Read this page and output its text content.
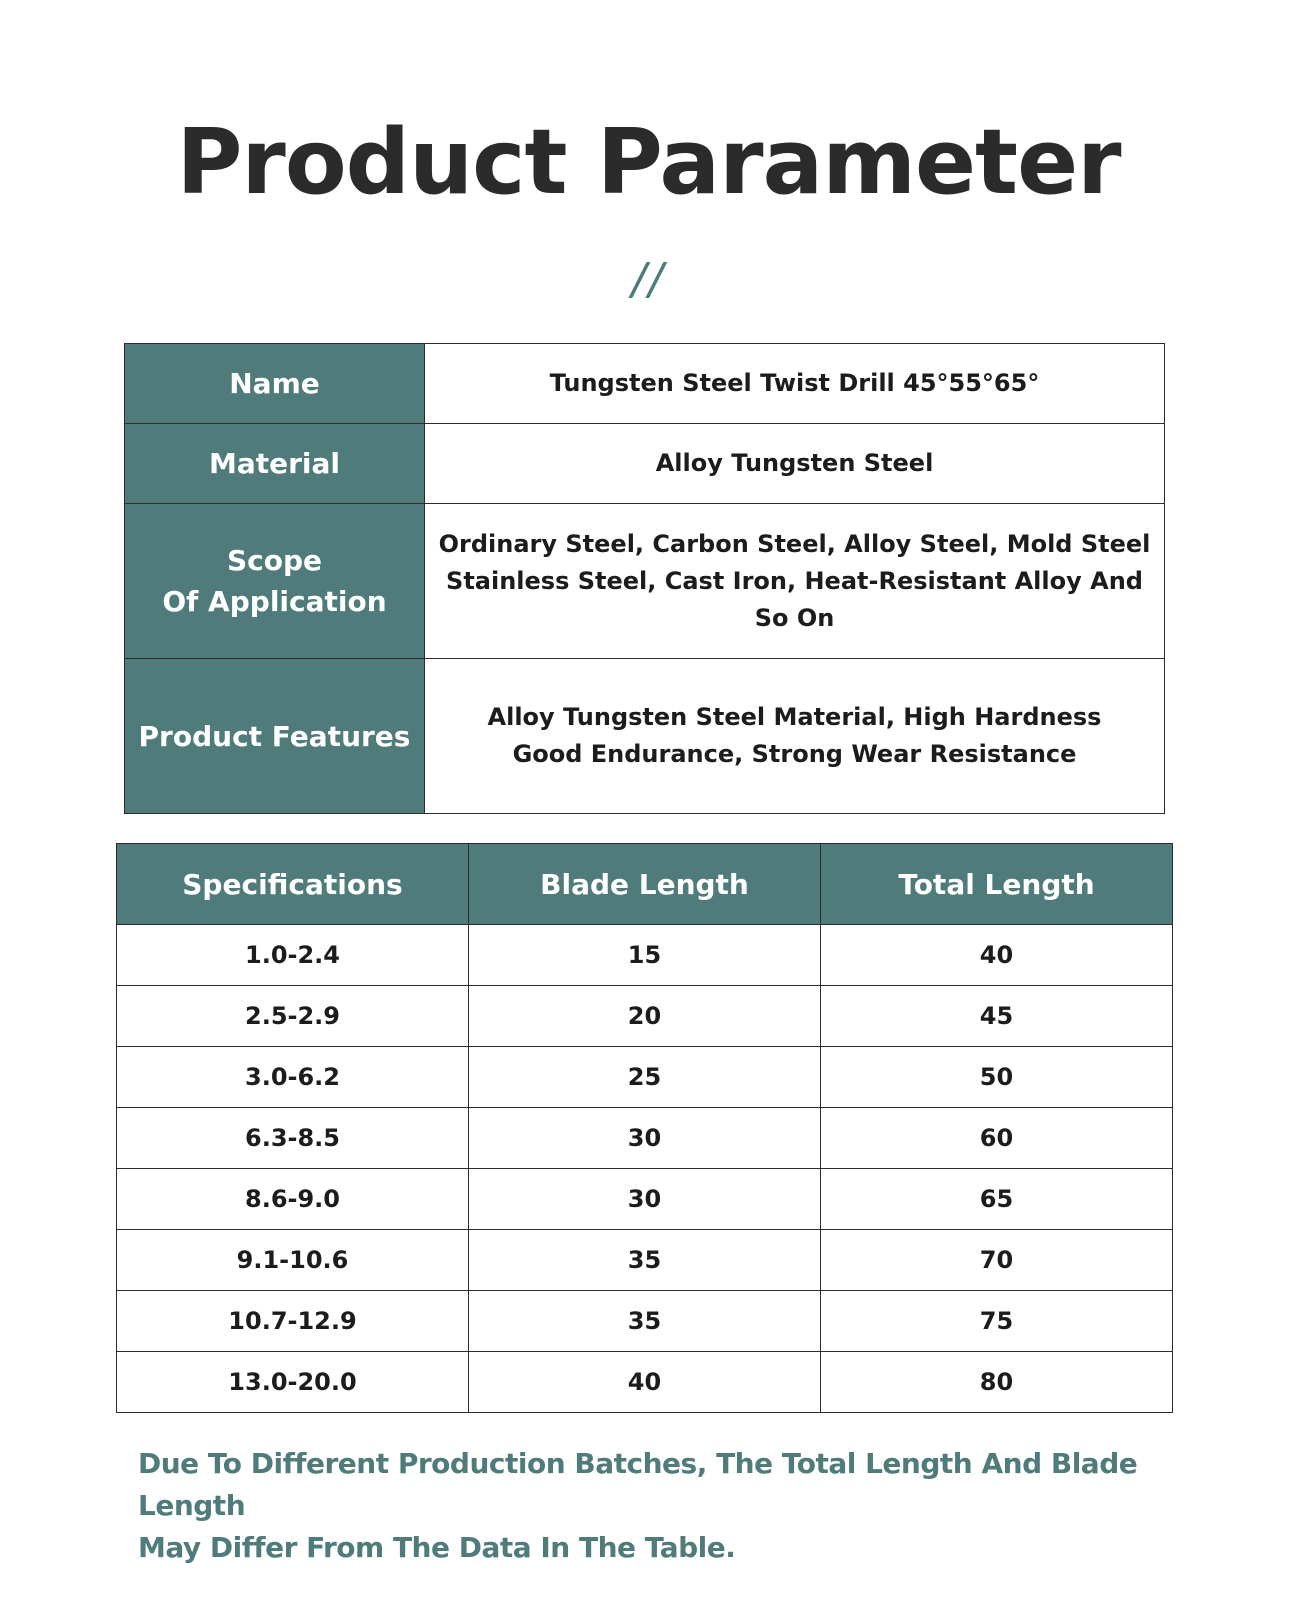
Product Parameter
//
Name	Tungsten Steel Twist Drill 45°55°65°

Material	Alloy Tungsten Steel

Scope
Of Application	Ordinary Steel, Carbon Steel, Alloy Steel, Mold Steel
Stainless Steel, Cast Iron, Heat-Resistant Alloy And So On

Product Features	Alloy Tungsten Steel Material, High Hardness
Good Endurance, Strong Wear Resistance
Specifications	Blade Length	Total Length
1.0-2.4	15	40
2.5-2.9	20	45
3.0-6.2	25	50
6.3-8.5	30	60
8.6-9.0	30	65
9.1-10.6	35	70
10.7-12.9	35	75
13.0-20.0	40	80
Due To Different Production Batches, The Total Length And Blade Length
May Differ From The Data In The Table.
